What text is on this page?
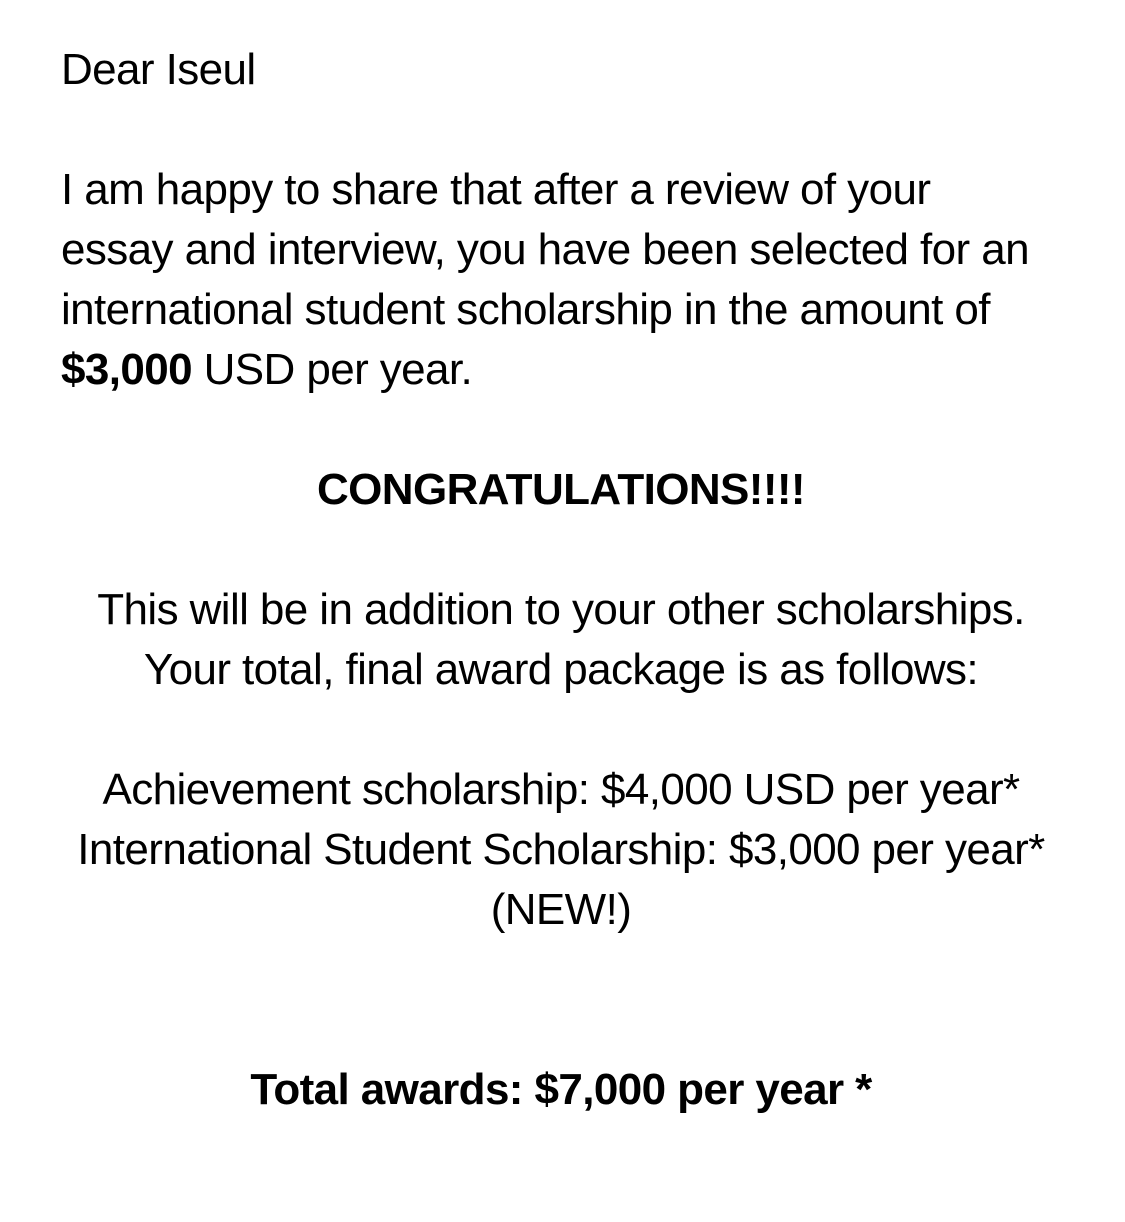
Dear Iseul

I am happy to share that after a review of your essay and interview, you have been selected for an international student scholarship in the amount of $3,000 USD per year.

CONGRATULATIONS!!!!

This will be in addition to your other scholarships.
Your total, final award package is as follows:

Achievement scholarship: $4,000 USD per year*
International Student Scholarship: $3,000 per year* (NEW!)

Total awards: $7,000 per year *
